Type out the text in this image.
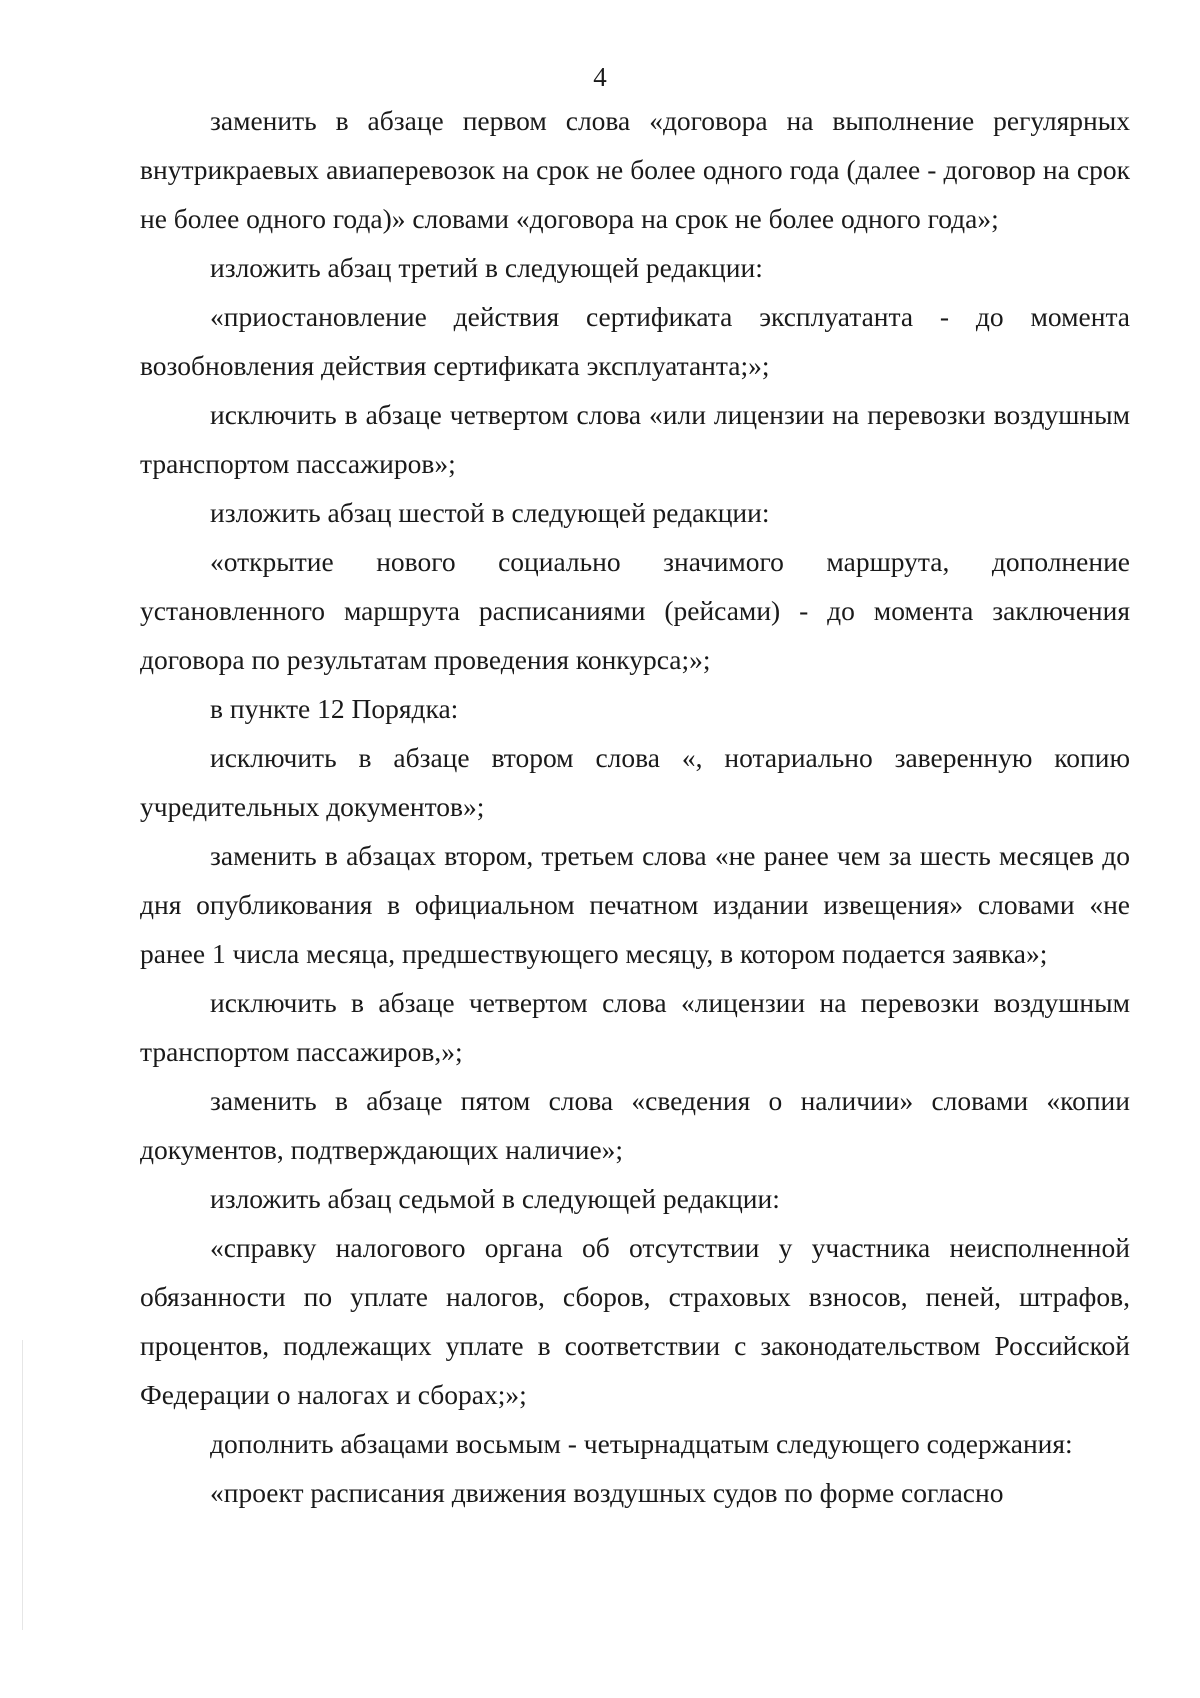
4

заменить в абзаце первом слова «договора на выполнение регулярных внутрикраевых авиаперевозок на срок не более одного года (далее - договор на срок не более одного года)» словами «договора на срок не более одного года»;

изложить абзац третий в следующей редакции:

«приостановление действия сертификата эксплуатанта - до момента возобновления действия сертификата эксплуатанта;»;

исключить в абзаце четвертом слова «или лицензии на перевозки воздушным транспортом пассажиров»;

изложить абзац шестой в следующей редакции:

«открытие нового социально значимого маршрута, дополнение установленного маршрута расписаниями (рейсами) - до момента заключения договора по результатам проведения конкурса;»;

в пункте 12 Порядка:

исключить в абзаце втором слова «, нотариально заверенную копию учредительных документов»;

заменить в абзацах втором, третьем слова «не ранее чем за шесть месяцев до дня опубликования в официальном печатном издании извещения» словами «не ранее 1 числа месяца, предшествующего месяцу, в котором подается заявка»;

исключить в абзаце четвертом слова «лицензии на перевозки воздушным транспортом пассажиров,»;

заменить в абзаце пятом слова «сведения о наличии» словами «копии документов, подтверждающих наличие»;

изложить абзац седьмой в следующей редакции:

«справку налогового органа об отсутствии у участника неисполненной обязанности по уплате налогов, сборов, страховых взносов, пеней, штрафов, процентов, подлежащих уплате в соответствии с законодательством Российской Федерации о налогах и сборах;»;

дополнить абзацами восьмым - четырнадцатым следующего содержания:

«проект расписания движения воздушных судов по форме согласно
